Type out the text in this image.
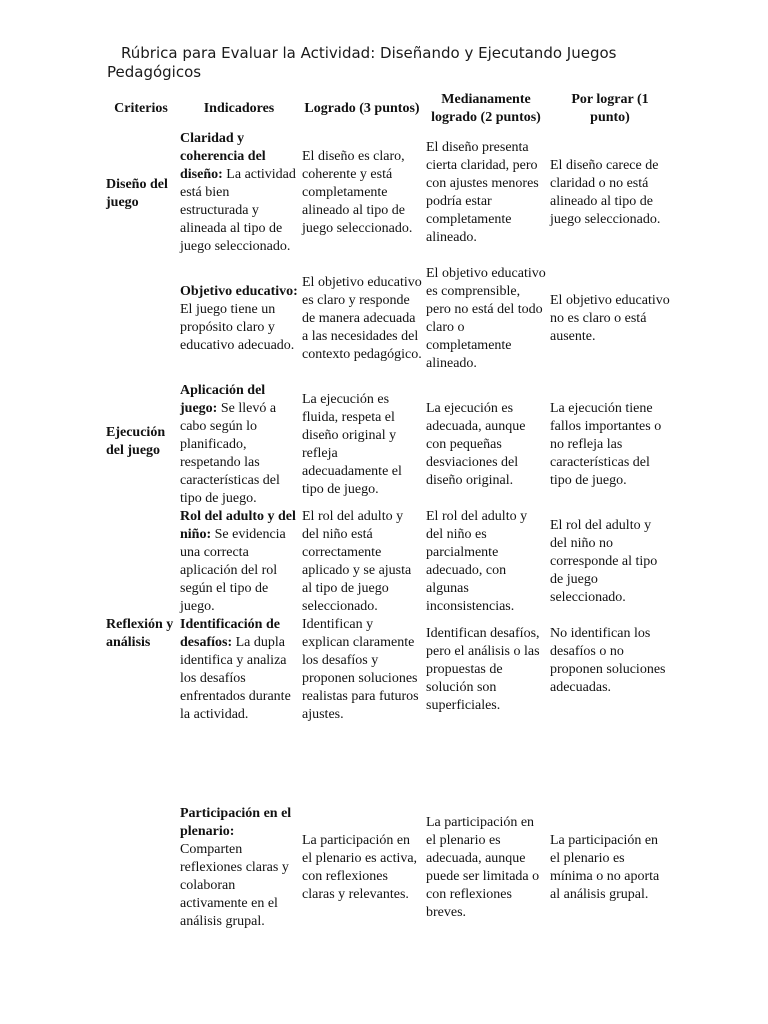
Rúbrica para Evaluar la Actividad: Diseñando y Ejecutando Juegos Pedagógicos
Criterios	Indicadores	Logrado (3 puntos)	Medianamente logrado (2 puntos)	Por lograr (1 punto)
Diseño del juego	Claridad y coherencia del diseño: La actividad está bien estructurada y alineada al tipo de juego seleccionado.	El diseño es claro, coherente y está completamente alineado al tipo de juego seleccionado.	El diseño presenta cierta claridad, pero con ajustes menores podría estar completamente alineado.	El diseño carece de claridad o no está alineado al tipo de juego seleccionado.
	Objetivo educativo: El juego tiene un propósito claro y educativo adecuado.	El objetivo educativo es claro y responde de manera adecuada a las necesidades del contexto pedagógico.	El objetivo educativo es comprensible, pero no está del todo claro o completamente alineado.	El objetivo educativo no es claro o está ausente.
Ejecución del juego	Aplicación del juego: Se llevó a cabo según lo planificado, respetando las características del tipo de juego.	La ejecución es fluida, respeta el diseño original y refleja adecuadamente el tipo de juego.	La ejecución es adecuada, aunque con pequeñas desviaciones del diseño original.	La ejecución tiene fallos importantes o no refleja las características del tipo de juego.
	Rol del adulto y del niño: Se evidencia una correcta aplicación del rol según el tipo de juego.	El rol del adulto y del niño está correctamente aplicado y se ajusta al tipo de juego seleccionado.	El rol del adulto y del niño es parcialmente adecuado, con algunas inconsistencias.	El rol del adulto y del niño no corresponde al tipo de juego seleccionado.
Reflexión y análisis	Identificación de desafíos: La dupla identifica y analiza los desafíos enfrentados durante la actividad.	Identifican y explican claramente los desafíos y proponen soluciones realistas para futuros ajustes.	Identifican desafíos, pero el análisis o las propuestas de solución son superficiales.	No identifican los desafíos o no proponen soluciones adecuadas.

	Participación en el plenario: Comparten reflexiones claras y colaboran activamente en el análisis grupal.	La participación en el plenario es activa, con reflexiones claras y relevantes.	La participación en el plenario es adecuada, aunque puede ser limitada o con reflexiones breves.	La participación en el plenario es mínima o no aporta al análisis grupal.
